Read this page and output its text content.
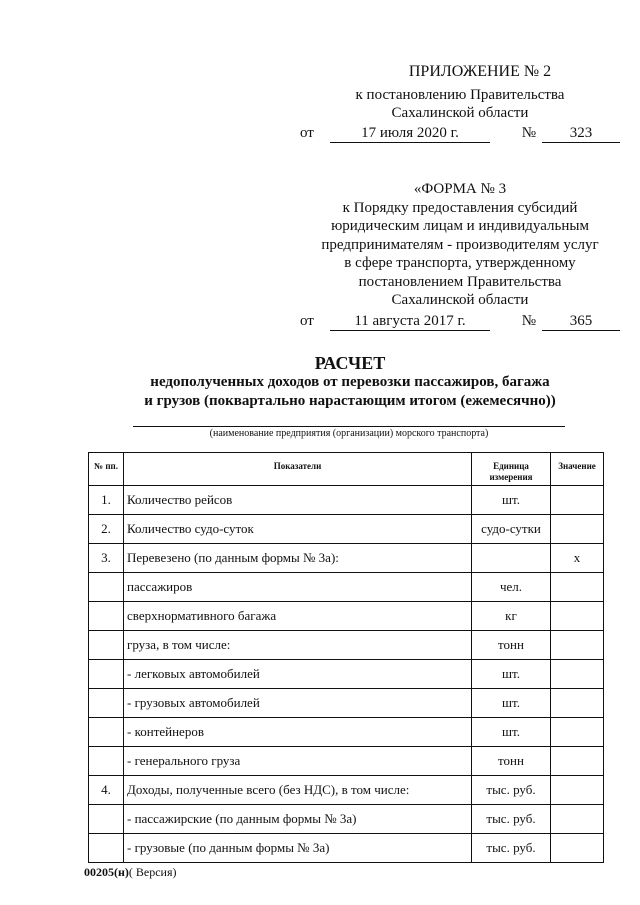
ПРИЛОЖЕНИЕ № 2
к постановлению Правительства
Сахалинской области
от	17 июля 2020 г.	№ 323
«ФОРМА № 3
к Порядку предоставления субсидий
юридическим лицам и индивидуальным
предпринимателям - производителям услуг
в сфере транспорта, утвержденному
постановлением Правительства
Сахалинской области
от	11 августа 2017 г.	№ 365
РАСЧЕТ
недополученных доходов от перевозки пассажиров, багажа
и грузов (поквартально нарастающим итогом (ежемесячно))
(наименование предприятия (организации) морского транспорта)
№ пп.	Показатели	Единица измерения	Значение
1.	Количество рейсов	шт.	
2.	Количество судо-суток	судо-сутки	
3.	Перевезено (по данным формы № 3а):		х
	пассажиров	чел.	
	сверхнормативного багажа	кг	
	груза, в том числе:	тонн	
	- легковых автомобилей	шт.	
	- грузовых автомобилей	шт.	
	- контейнеров	шт.	
	- генерального груза	тонн	
4.	Доходы, полученные всего (без НДС), в том числе:	тыс. руб.	
	- пассажирские (по данным формы № 3а)	тыс. руб.	
	- грузовые (по данным формы № 3а)	тыс. руб.	
00205(н)( Версия)
